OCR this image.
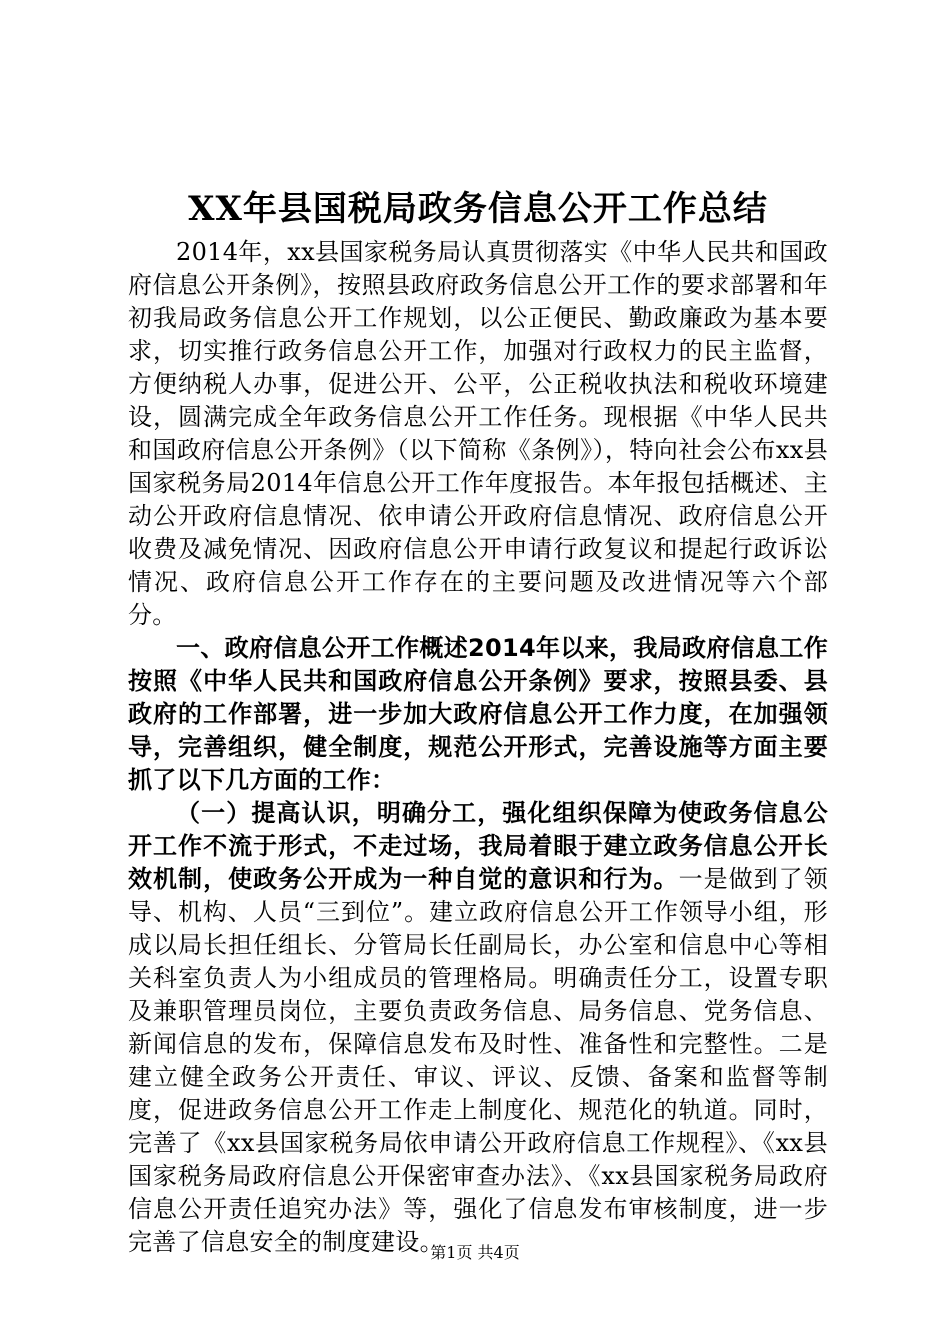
XX年县国税局政务信息公开工作总结

2014年，xx县国家税务局认真贯彻落实《中华人民共和国政府信息公开条例》，按照县政府政务信息公开工作的要求部署和年初我局政务信息公开工作规划，以公正便民、勤政廉政为基本要求，切实推行政务信息公开工作，加强对行政权力的民主监督，方便纳税人办事，促进公开、公平，公正税收执法和税收环境建设，圆满完成全年政务信息公开工作任务。现根据《中华人民共和国政府信息公开条例》（以下简称《条例》），特向社会公布xx县国家税务局2014年信息公开工作年度报告。本年报包括概述、主动公开政府信息情况、依申请公开政府信息情况、政府信息公开收费及减免情况、因政府信息公开申请行政复议和提起行政诉讼情况、政府信息公开工作存在的主要问题及改进情况等六个部分。

一、政府信息公开工作概述2014年以来，我局政府信息工作按照《中华人民共和国政府信息公开条例》要求，按照县委、县政府的工作部署，进一步加大政府信息公开工作力度，在加强领导，完善组织，健全制度，规范公开形式，完善设施等方面主要抓了以下几方面的工作：

（一）提高认识，明确分工，强化组织保障为使政务信息公开工作不流于形式，不走过场，我局着眼于建立政务信息公开长效机制，使政务公开成为一种自觉的意识和行为。一是做到了领导、机构、人员“三到位”。建立政府信息公开工作领导小组，形成以局长担任组长、分管局长任副局长，办公室和信息中心等相关科室负责人为小组成员的管理格局。明确责任分工，设置专职及兼职管理员岗位，主要负责政务信息、局务信息、党务信息、新闻信息的发布，保障信息发布及时性、准备性和完整性。二是建立健全政务公开责任、审议、评议、反馈、备案和监督等制度，促进政务信息公开工作走上制度化、规范化的轨道。同时，完善了《xx县国家税务局依申请公开政府信息工作规程》、《xx县国家税务局政府信息公开保密审查办法》、《xx县国家税务局政府信息公开责任追究办法》等，强化了信息发布审核制度，进一步完善了信息安全的制度建设。

第1页 共4页
